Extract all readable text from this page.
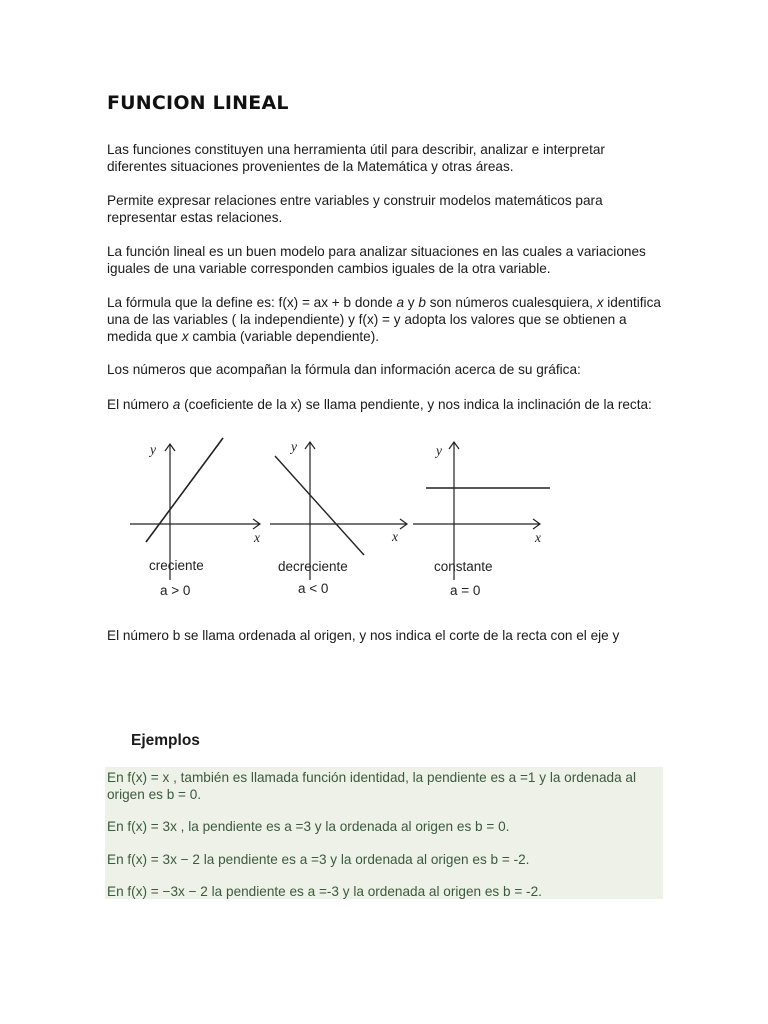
FUNCION LINEAL
Las funciones constituyen una herramienta útil para describir, analizar e interpretar diferentes situaciones provenientes de la Matemática y otras áreas.
Permite expresar relaciones entre variables y construir modelos matemáticos para representar estas relaciones.
La función lineal es un buen modelo para analizar situaciones en las cuales a variaciones iguales de una variable corresponden cambios iguales de la otra variable.
La fórmula que la define es: f(x) = ax + b donde a y b son números cualesquiera, x identifica una de las variables ( la independiente) y f(x) = y adopta los valores que se obtienen a medida que x cambia (variable dependiente).
Los números que acompañan la fórmula dan información acerca de su gráfica:
El número a (coeficiente de la x) se llama pendiente, y nos indica la inclinación de la recta:
y
x
creciente
a > 0
y
x
decreciente
a < 0
y
x
constante
a = 0
El número b se llama ordenada al origen, y nos indica el corte de la recta con el eje y
Ejemplos
En f(x) = x , también es llamada función identidad, la pendiente es a =1 y la ordenada al origen es b = 0.
En f(x) = 3x , la pendiente es a =3 y la ordenada al origen es b = 0.
En f(x) = 3x − 2 la pendiente es a =3 y la ordenada al origen es b = -2.
En f(x) = −3x − 2 la pendiente es a =-3 y la ordenada al origen es b = -2.
